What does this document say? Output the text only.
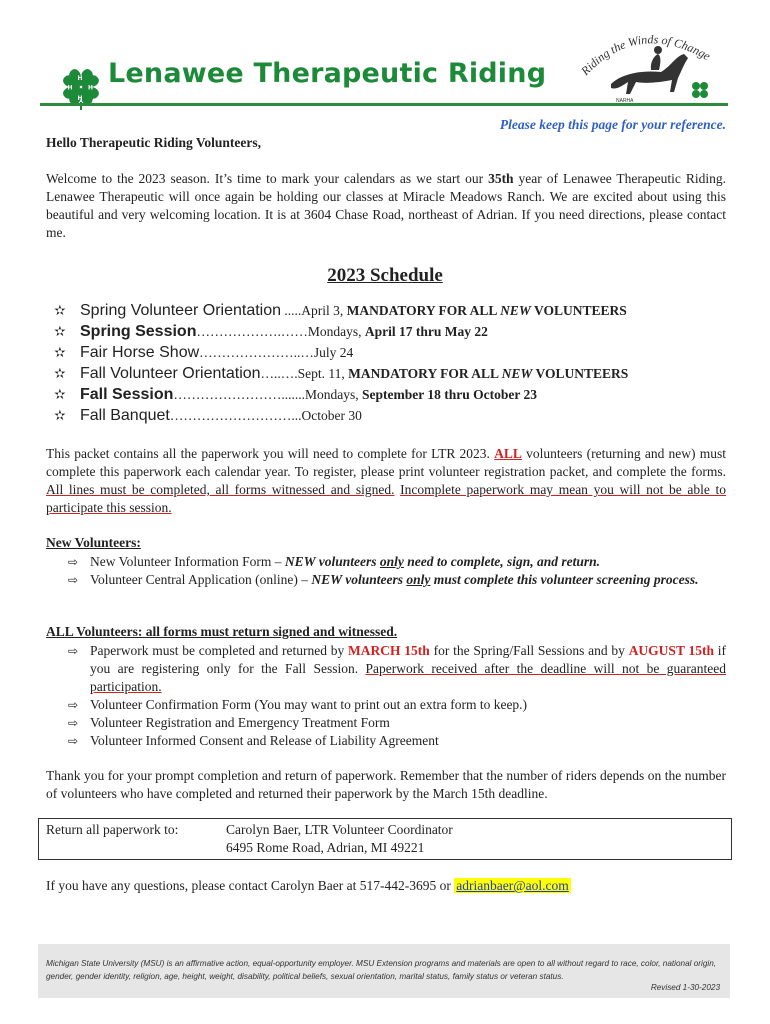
H
H
H	H Lenawee Therapeutic Riding	Riding the Winds of Change
NARHA
Please keep this page for your reference.
Hello Therapeutic Riding Volunteers,
Welcome to the 2023 season. It’s time to mark your calendars as we start our 35th year of Lenawee Therapeutic Riding. Lenawee Therapeutic will once again be holding our classes at Miracle Meadows Ranch. We are excited about using this beautiful and very welcoming location. It is at 3604 Chase Road, northeast of Adrian. If you need directions, please contact me.
2023 Schedule
✫ Spring Volunteer Orientation .....April 3, MANDATORY FOR ALL NEW VOLUNTEERS
✫ Spring Session……………….……Mondays, April 17 thru May 22
✫ Fair Horse Show…………………..…July 24
✫ Fall Volunteer Orientation…..….Sept. 11, MANDATORY FOR ALL NEW VOLUNTEERS
✫ Fall Session…………………….......Mondays, September 18 thru October 23
✫ Fall Banquet………………………...October 30
This packet contains all the paperwork you will need to complete for LTR 2023. ALL volunteers (returning and new) must complete this paperwork each calendar year. To register, please print volunteer registration packet, and complete the forms. All lines must be completed, all forms witnessed and signed. Incomplete paperwork may mean you will not be able to participate this session.
New Volunteers:
⇨ New Volunteer Information Form – NEW volunteers only need to complete, sign, and return.
⇨ Volunteer Central Application (online) – NEW volunteers only must complete this volunteer screening process.
ALL Volunteers: all forms must return signed and witnessed.
⇨ Paperwork must be completed and returned by MARCH 15th for the Spring/Fall Sessions and by AUGUST 15th if you are registering only for the Fall Session. Paperwork received after the deadline will not be guaranteed participation.
⇨ Volunteer Confirmation Form (You may want to print out an extra form to keep.)
⇨ Volunteer Registration and Emergency Treatment Form
⇨ Volunteer Informed Consent and Release of Liability Agreement
Thank you for your prompt completion and return of paperwork. Remember that the number of riders depends on the number of volunteers who have completed and returned their paperwork by the March 15th deadline.
Return all paperwork to:	Carolyn Baer, LTR Volunteer Coordinator
6495 Rome Road, Adrian, MI 49221
If you have any questions, please contact Carolyn Baer at 517-442-3695 or adrianbaer@aol.com
Michigan State University (MSU) is an affirmative action, equal-opportunity employer. MSU Extension programs and materials are open to all without regard to race, color, national origin, gender, gender identity, religion, age, height, weight, disability, political beliefs, sexual orientation, marital status, family status or veteran status.
Revised 1-30-2023
